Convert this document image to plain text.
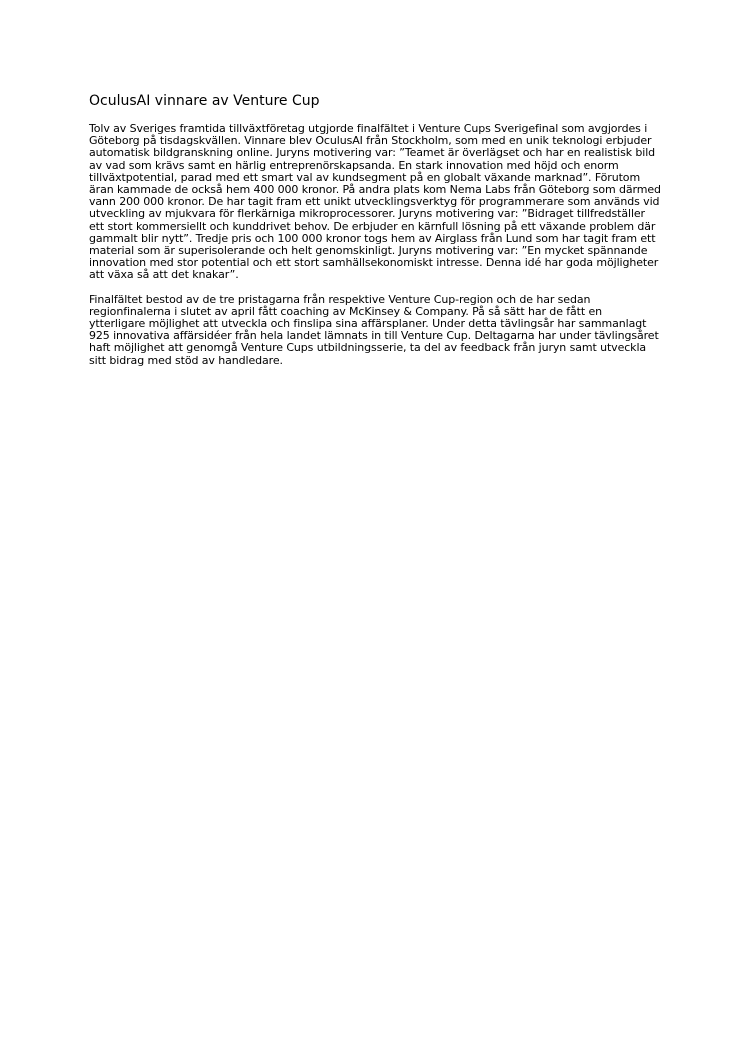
OculusAI vinnare av Venture Cup

Tolv av Sveriges framtida tillväxtföretag utgjorde finalfältet i Venture Cups Sverigefinal som avgjordes i Göteborg på tisdagskvällen. Vinnare blev OculusAI från Stockholm, som med en unik teknologi erbjuder automatisk bildgranskning online. Juryns motivering var: ”Teamet är överlägset och har en realistisk bild av vad som krävs samt en härlig entreprenörskapsanda. En stark innovation med höjd och enorm tillväxtpotential, parad med ett smart val av kundsegment på en globalt växande marknad”. Förutom äran kammade de också hem 400 000 kronor. På andra plats kom Nema Labs från Göteborg som därmed vann 200 000 kronor. De har tagit fram ett unikt utvecklingsverktyg för programmerare som används vid utveckling av mjukvara för flerkärniga mikroprocessorer. Juryns motivering var: ”Bidraget tillfredställer ett stort kommersiellt och kunddrivet behov. De erbjuder en kärnfull lösning på ett växande problem där gammalt blir nytt”. Tredje pris och 100 000 kronor togs hem av Airglass från Lund som har tagit fram ett material som är superisolerande och helt genomskinligt. Juryns motivering var: ”En mycket spännande innovation med stor potential och ett stort samhällsekonomiskt intresse. Denna idé har goda möjligheter att växa så att det knakar”.

Finalfältet bestod av de tre pristagarna från respektive Venture Cup-region och de har sedan regionfinalerna i slutet av april fått coaching av McKinsey & Company. På så sätt har de fått en ytterligare möjlighet att utveckla och finslipa sina affärsplaner. Under detta tävlingsår har sammanlagt 925 innovativa affärsidéer från hela landet lämnats in till Venture Cup. Deltagarna har under tävlingsåret haft möjlighet att genomgå Venture Cups utbildningsserie, ta del av feedback från juryn samt utveckla sitt bidrag med stöd av handledare.
